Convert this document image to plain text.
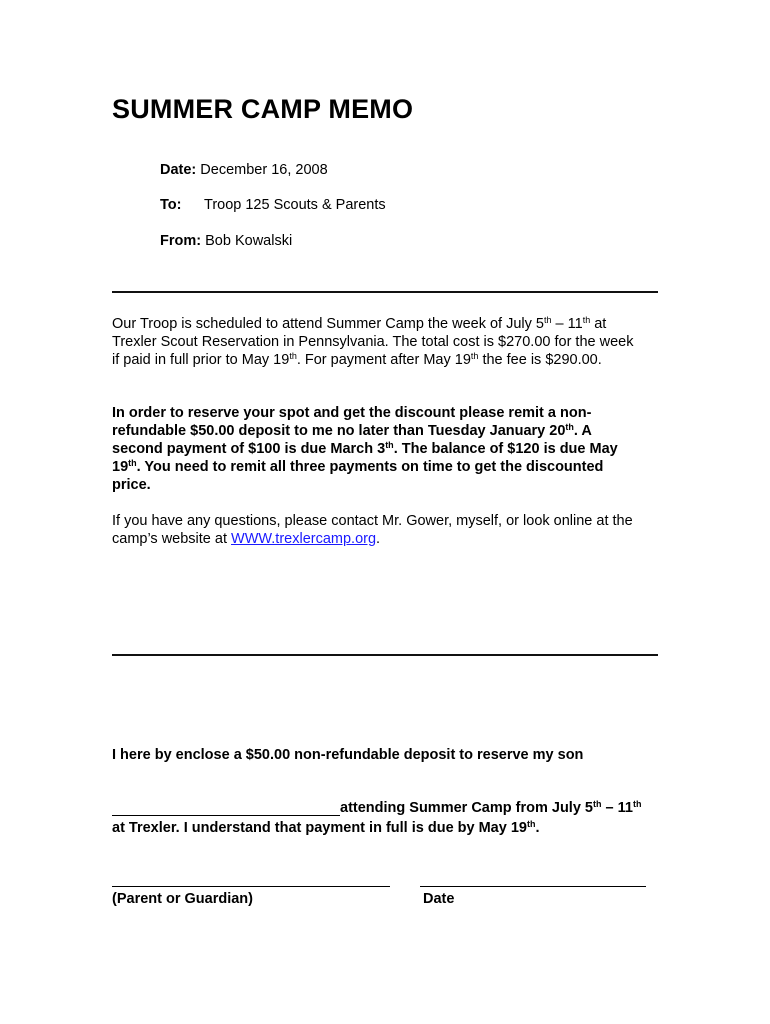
SUMMER CAMP MEMO
Date: December 16, 2008
To: Troop 125 Scouts & Parents
From: Bob Kowalski
Our Troop is scheduled to attend Summer Camp the week of July 5th – 11th at Trexler Scout Reservation in Pennsylvania. The total cost is $270.00 for the week if paid in full prior to May 19th. For payment after May 19th the fee is $290.00.
In order to reserve your spot and get the discount please remit a non-refundable $50.00 deposit to me no later than Tuesday January 20th. A second payment of $100 is due March 3th. The balance of $120 is due May 19th. You need to remit all three payments on time to get the discounted price.
If you have any questions, please contact Mr. Gower, myself, or look online at the camp’s website at WWW.trexlercamp.org.
I here by enclose a $50.00 non-refundable deposit to reserve my son
attending Summer Camp from July 5th – 11th
at Trexler. I understand that payment in full is due by May 19th.
(Parent or Guardian)	Date
